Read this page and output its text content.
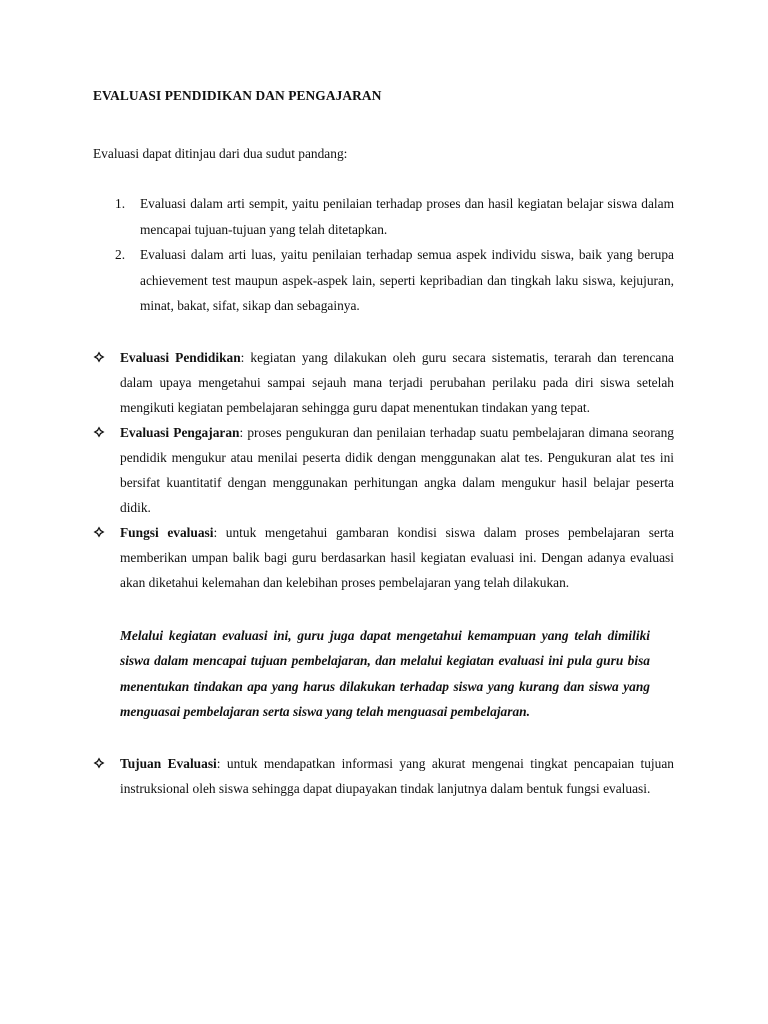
EVALUASI PENDIDIKAN DAN PENGAJARAN

Evaluasi dapat ditinjau dari dua sudut pandang:

1. Evaluasi dalam arti sempit, yaitu penilaian terhadap proses dan hasil kegiatan belajar siswa dalam mencapai tujuan-tujuan yang telah ditetapkan.
2. Evaluasi dalam arti luas, yaitu penilaian terhadap semua aspek individu siswa, baik yang berupa achievement test maupun aspek-aspek lain, seperti kepribadian dan tingkah laku siswa, kejujuran, minat, bakat, sifat, sikap dan sebagainya.
Evaluasi Pendidikan: kegiatan yang dilakukan oleh guru secara sistematis, terarah dan terencana dalam upaya mengetahui sampai sejauh mana terjadi perubahan perilaku pada diri siswa setelah mengikuti kegiatan pembelajaran sehingga guru dapat menentukan tindakan yang tepat.
Evaluasi Pengajaran: proses pengukuran dan penilaian terhadap suatu pembelajaran dimana seorang pendidik mengukur atau menilai peserta didik dengan menggunakan alat tes. Pengukuran alat tes ini bersifat kuantitatif dengan menggunakan perhitungan angka dalam mengukur hasil belajar peserta didik.
Fungsi evaluasi: untuk mengetahui gambaran kondisi siswa dalam proses pembelajaran serta memberikan umpan balik bagi guru berdasarkan hasil kegiatan evaluasi ini. Dengan adanya evaluasi akan diketahui kelemahan dan kelebihan proses pembelajaran yang telah dilakukan.

Melalui kegiatan evaluasi ini, guru juga dapat mengetahui kemampuan yang telah dimiliki siswa dalam mencapai tujuan pembelajaran, dan melalui kegiatan evaluasi ini pula guru bisa menentukan tindakan apa yang harus dilakukan terhadap siswa yang kurang dan siswa yang menguasai pembelajaran serta siswa yang telah menguasai pembelajaran.

Tujuan Evaluasi: untuk mendapatkan informasi yang akurat mengenai tingkat pencapaian tujuan instruksional oleh siswa sehingga dapat diupayakan tindak lanjutnya dalam bentuk fungsi evaluasi.
